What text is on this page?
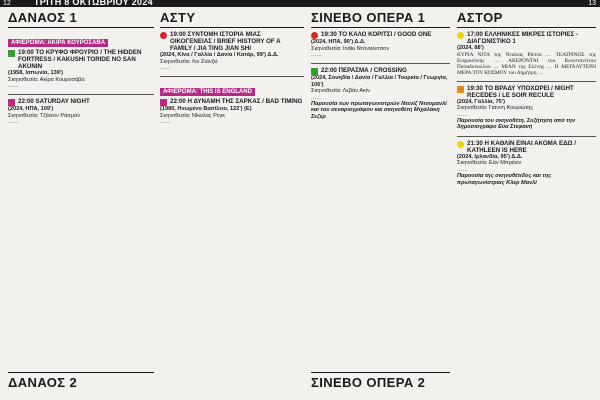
12	ΤΡΙΤΗ 8 ΟΚΤΩΒΡΙΟΥ 2024	13
ΔΑΝΑΟΣ 1
ΑΦΙΕΡΩΜΑ: ΑΚΙΡΑ ΚΟΥΡΟΣΑΒΑ
19:00 ΤΟ ΚΡΥΦΟ ΦΡΟΥΡΙΟ / THE HIDDEN FORTRESS / KAKUSHI TORIDE NO SAN AKUNIN
(1958, Ιαπωνία, 139')
Σκηνοθεσία: Ακίρα Κουροσάβα
……
22:00 SATURDAY NIGHT
(2024, ΗΠΑ, 109')
Σκηνοθεσία: Τζέισον Ράιτμαν
……
ΑΣΤΥ
19:00 ΣΥΝΤΟΜΗ ΙΣΤΟΡΙΑ ΜΙΑΣ ΟΙΚΟΓΕΝΕΙΑΣ / BRIEF HISTORY OF A FAMILY / JIA TING JIAN SHI
(2024, Κίνα / Γαλλία / Δανία / Κατάρ, 99') Δ.Δ.
Σκηνοθεσία: Λιν Ζιανζιέ
……
ΑΦΙΕΡΩΜΑ: THIS IS ENGLAND
22:00 Η ΔΥΝΑΜΗ ΤΗΣ ΣΑΡΚΑΣ / BAD TIMING
(1980, Ηνωμένο Βασίλειο, 122') (Ε)
Σκηνοθεσία: Νίκολας Ρεγκ
……
ΣΙΝΕΒΟ ΟΠΕΡΑ 1
19:30 ΤΟ ΚΑΛΟ ΚΟΡΙΤΣΙ / GOOD ONE
(2024, ΗΠΑ, 90') Δ.Δ.
Σκηνοθεσία: India Ντόναλντσον
……
22:00 ΠΕΡΑΣΜΑ / CROSSING
(2024, Σουηδία / Δανία / Γαλλία / Τουρκία / Γεωργία, 106')
Σκηνοθεσία: Λεβάν Ακίν
……
Παρουσία των πρωταγωνιστριών Ντενίζ Ντουμανλί και του σεναριογράφου και σκηνοθέτη Μιχαλάκη Σεζέρ
ΑΣΤΟΡ
17:00 ΕΛΛΗΝΙΚΕΣ ΜΙΚΡΕΣ ΙΣΤΟΡΙΕΣ - ΔΙΑΓΩΝΙΣΤΙΚΟ 1
(2024, 88')
ΚΥΡΙΑ ΝΙΤΑ της Ντιάνας Ράππα … ΤΕΑΤΡΙΝΟΣ της Εύφροσύνης … ΑΚΕΡΟΝΤΑΙ του Κωνσταντίνου Παπαδοπούλου … ΜΙΑΝ της Ελένης … Η ΜΕΓΑΛΥΤΕΡΗ ΜΕΡΑ ΤΟΥ ΚΟΣΜΟΥ του Δημήτρη …
19:30 ΤΟ ΒΡΑΔΥ ΥΠΟΧΩΡΕΙ / NIGHT RECEDES / LE SOIR RECULE
(2024, Γαλλία, 75')
Σκηνοθεσία: Γιάννη Κουμιώτης
……
Παρουσία του σκηνοθέτη. Συζήτηση από την δημοσιογράφο Εύα Στεφανή
21:30 Η ΚΑΘΛΙΝ ΕΙΝΑΙ ΑΚΟΜΑ ΕΔΩ / KATHLEEN IS HERE
(2024, Ιρλανδία, 95') Δ.Δ.
Σκηνοθεσία: Εάν Μπρέκιν
……
Παρουσία της σκηνοθέτιδος και της πρωταγωνίστριας Κλερ Μανλί
ΔΑΝΑΟΣ 2	ΣΙΝΕΒΟ ΟΠΕΡΑ 2
